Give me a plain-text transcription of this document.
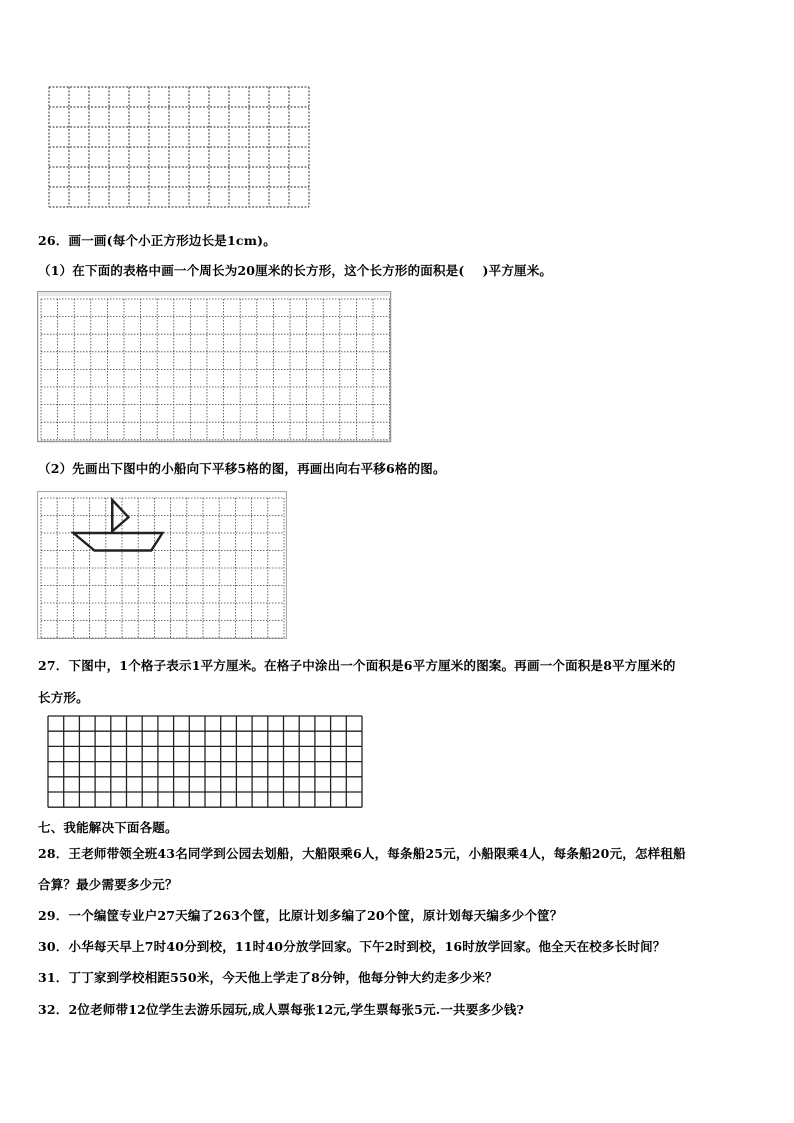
26．画一画(每个小正方形边长是1cm)。
（1）在下面的表格中画一个周长为20厘米的长方形，这个长方形的面积是( )平方厘米。
（2）先画出下图中的小船向下平移5格的图，再画出向右平移6格的图。
27．下图中，1个格子表示1平方厘米。在格子中涂出一个面积是6平方厘米的图案。再画一个面积是8平方厘米的
长方形。
七、我能解决下面各题。
28．王老师带领全班43名同学到公园去划船，大船限乘6人，每条船25元，小船限乘4人，每条船20元，怎样租船
合算？最少需要多少元？
29．一个编筐专业户27天编了263个筐，比原计划多编了20个筐，原计划每天编多少个筐？
30．小华每天早上7时40分到校，11时40分放学回家。下午2时到校，16时放学回家。他全天在校多长时间？
31．丁丁家到学校相距550米，今天他上学走了8分钟，他每分钟大约走多少米？
32．2位老师带12位学生去游乐园玩,成人票每张12元,学生票每张5元.一共要多少钱?
